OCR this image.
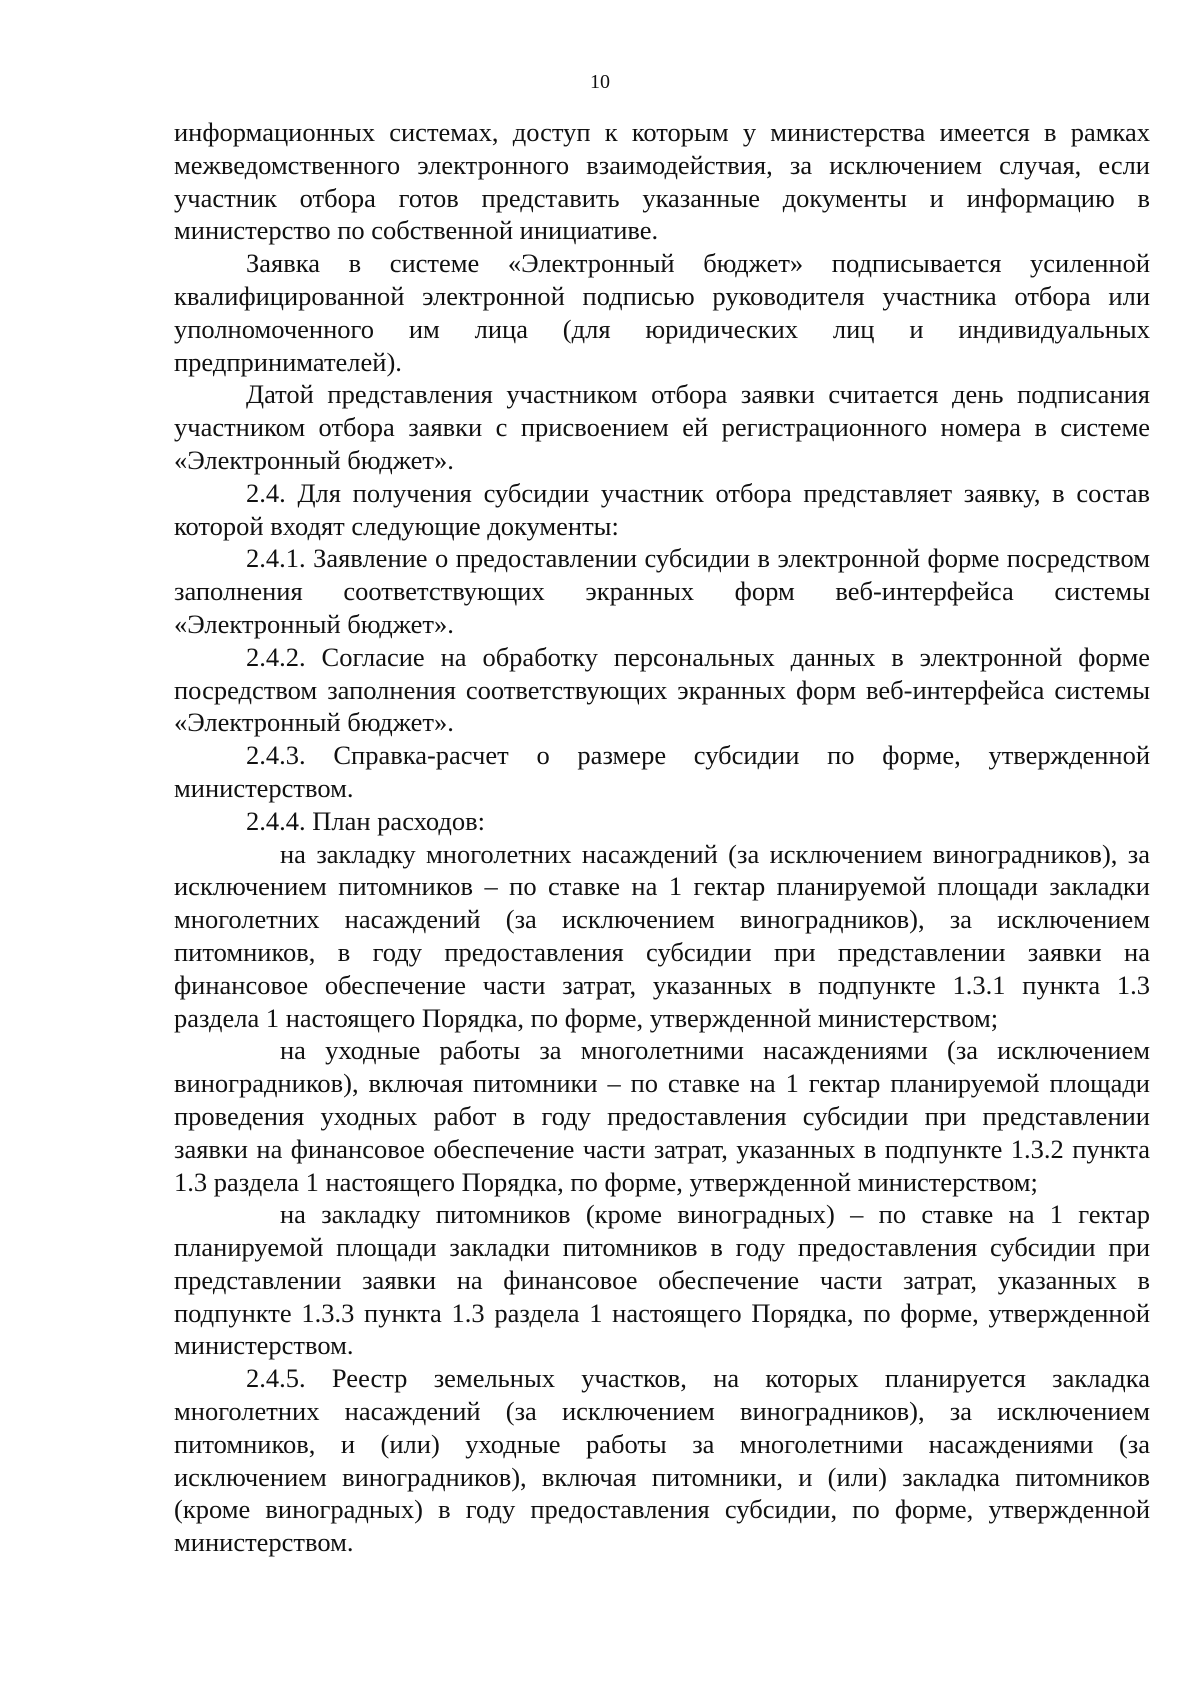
10

информационных системах, доступ к которым у министерства имеется в рамках межведомственного электронного взаимодействия, за исключением случая, если участник отбора готов представить указанные документы и информацию в министерство по собственной инициативе.

Заявка в системе «Электронный бюджет» подписывается усиленной квалифицированной электронной подписью руководителя участника отбора или уполномоченного им лица (для юридических лиц и индивидуальных предпринимателей).

Датой представления участником отбора заявки считается день подписания участником отбора заявки с присвоением ей регистрационного номера в системе «Электронный бюджет».

2.4. Для получения субсидии участник отбора представляет заявку, в состав которой входят следующие документы:

2.4.1. Заявление о предоставлении субсидии в электронной форме посредством заполнения соответствующих экранных форм веб-интерфейса системы «Электронный бюджет».

2.4.2. Согласие на обработку персональных данных в электронной форме посредством заполнения соответствующих экранных форм веб-интерфейса системы «Электронный бюджет».

2.4.3. Справка-расчет о размере субсидии по форме, утвержденной министерством.

2.4.4. План расходов:

на закладку многолетних насаждений (за исключением виноградников), за исключением питомников – по ставке на 1 гектар планируемой площади закладки многолетних насаждений (за исключением виноградников), за исключением питомников, в году предоставления субсидии при представлении заявки на финансовое обеспечение части затрат, указанных в подпункте 1.3.1 пункта 1.3 раздела 1 настоящего Порядка, по форме, утвержденной министерством;

на уходные работы за многолетними насаждениями (за исключением виноградников), включая питомники – по ставке на 1 гектар планируемой площади проведения уходных работ в году предоставления субсидии при представлении заявки на финансовое обеспечение части затрат, указанных в подпункте 1.3.2 пункта 1.3 раздела 1 настоящего Порядка, по форме, утвержденной министерством;

на закладку питомников (кроме виноградных) – по ставке на 1 гектар планируемой площади закладки питомников в году предоставления субсидии при представлении заявки на финансовое обеспечение части затрат, указанных в подпункте 1.3.3 пункта 1.3 раздела 1 настоящего Порядка, по форме, утвержденной министерством.

2.4.5. Реестр земельных участков, на которых планируется закладка многолетних насаждений (за исключением виноградников), за исключением питомников, и (или) уходные работы за многолетними насаждениями (за исключением виноградников), включая питомники, и (или) закладка питомников (кроме виноградных) в году предоставления субсидии, по форме, утвержденной министерством.
